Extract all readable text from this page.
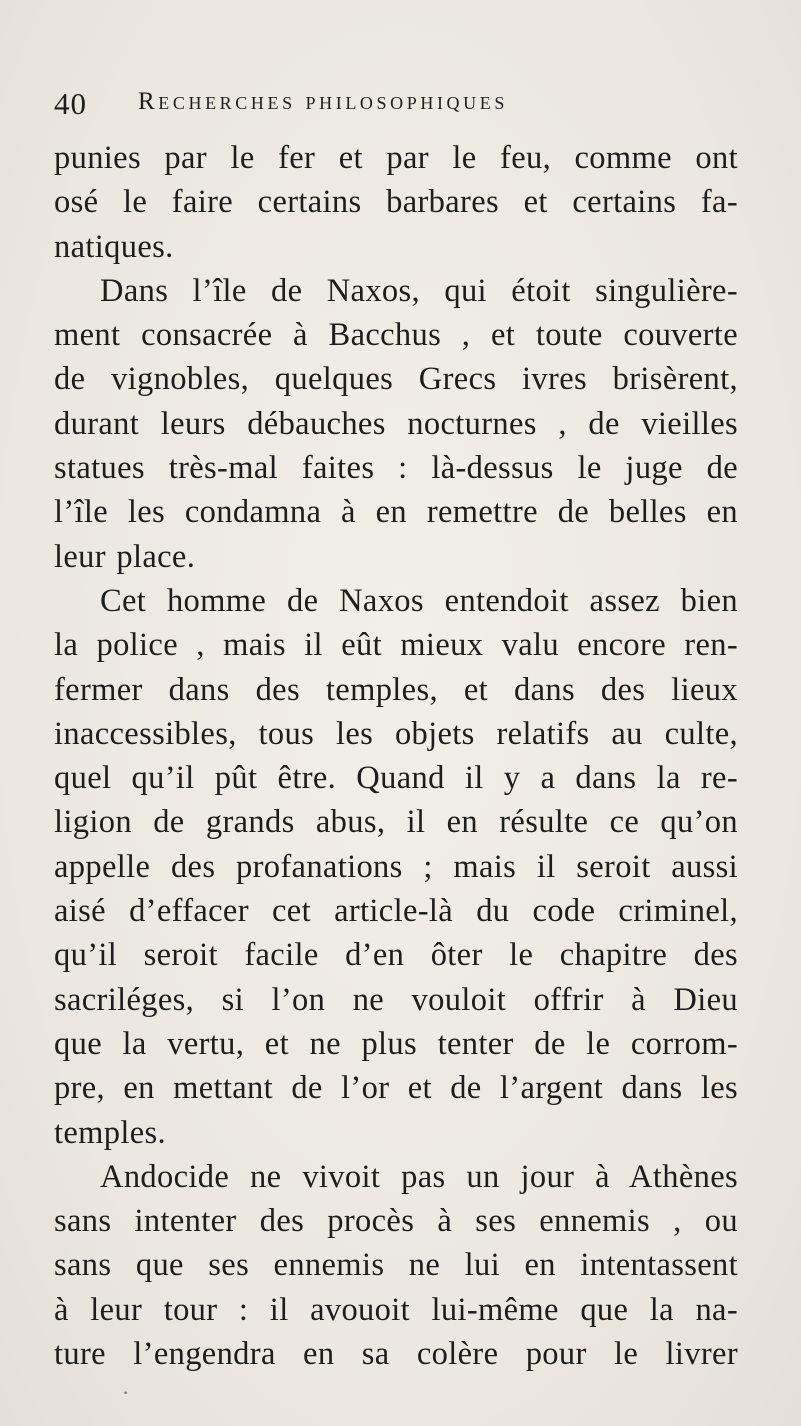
40 Recherches philosophiques
punies par le fer et par le feu, comme ont
osé le faire certains barbares et certains fa-
natiques.
Dans l’île de Naxos, qui étoit singulière-
ment consacrée à Bacchus , et toute couverte
de vignobles, quelques Grecs ivres brisèrent,
durant leurs débauches nocturnes , de vieilles
statues très-mal faites : là-dessus le juge de
l’île les condamna à en remettre de belles en
leur place.
Cet homme de Naxos entendoit assez bien
la police , mais il eût mieux valu encore ren-
fermer dans des temples, et dans des lieux
inaccessibles, tous les objets relatifs au culte,
quel qu’il pût être. Quand il y a dans la re-
ligion de grands abus, il en résulte ce qu’on
appelle des profanations ; mais il seroit aussi
aisé d’effacer cet article-là du code criminel,
qu’il seroit facile d’en ôter le chapitre des
sacriléges, si l’on ne vouloit offrir à Dieu
que la vertu, et ne plus tenter de le corrom-
pre, en mettant de l’or et de l’argent dans les
temples.
Andocide ne vivoit pas un jour à Athènes
sans intenter des procès à ses ennemis , ou
sans que ses ennemis ne lui en intentassent
à leur tour : il avouoit lui-même que la na-
ture l’engendra en sa colère pour le livrer
·
